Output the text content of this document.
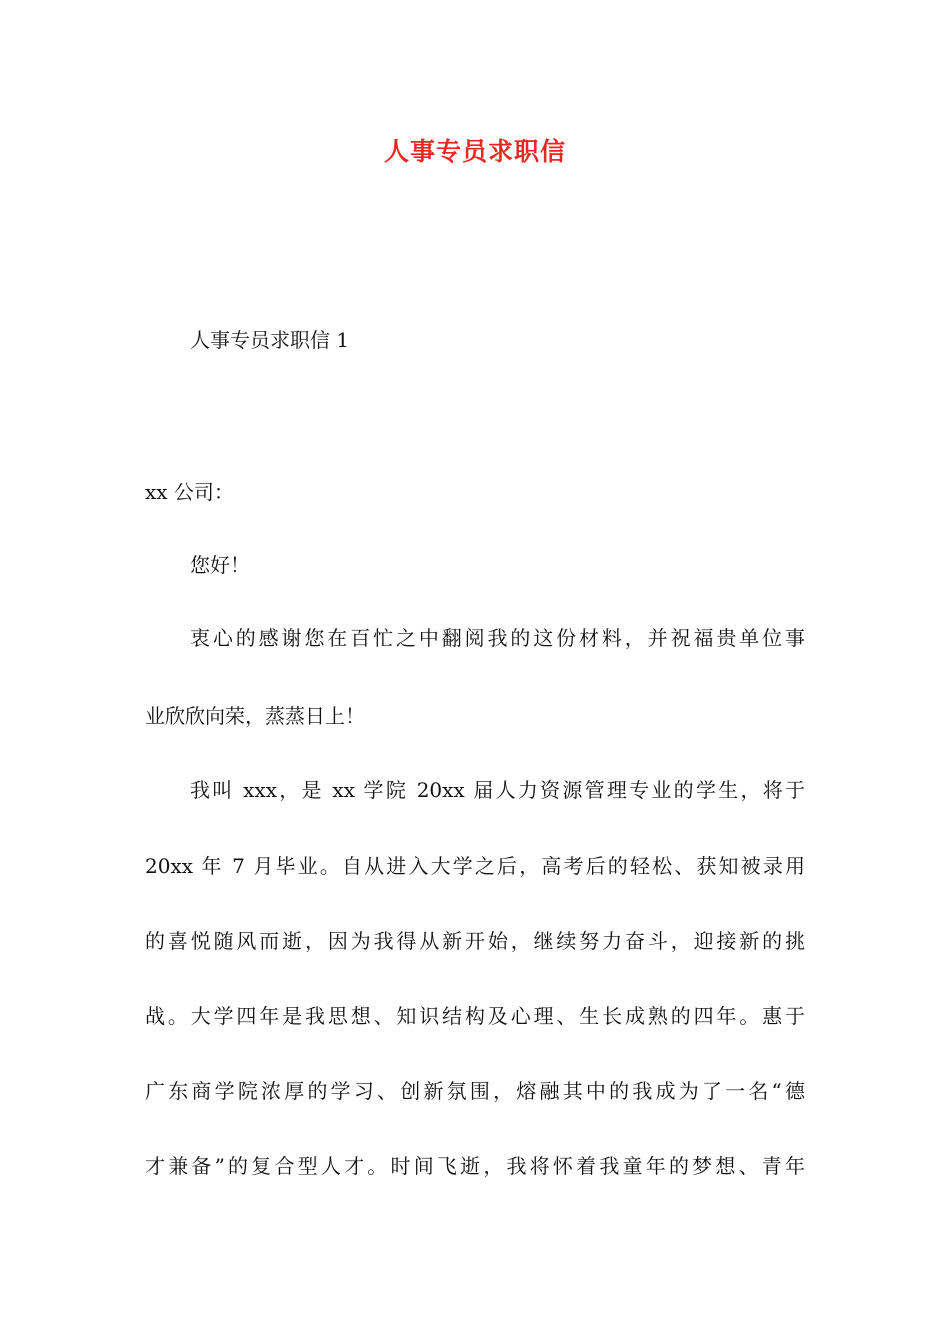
人事专员求职信
人事专员求职信 1
xx 公司：
您好！
衷心的感谢您在百忙之中翻阅我的这份材料，并祝福贵单位事
业欣欣向荣，蒸蒸日上！
我叫 xxx，是 xx 学院 20xx 届人力资源管理专业的学生，将于
20xx 年 7 月毕业。自从进入大学之后，高考后的轻松、获知被录用
的喜悦随风而逝，因为我得从新开始，继续努力奋斗，迎接新的挑
战。大学四年是我思想、知识结构及心理、生长成熟的四年。惠于
广东商学院浓厚的学习、创新氛围，熔融其中的我成为了一名“德
才兼备”的复合型人才。时间飞逝，我将怀着我童年的梦想、青年
